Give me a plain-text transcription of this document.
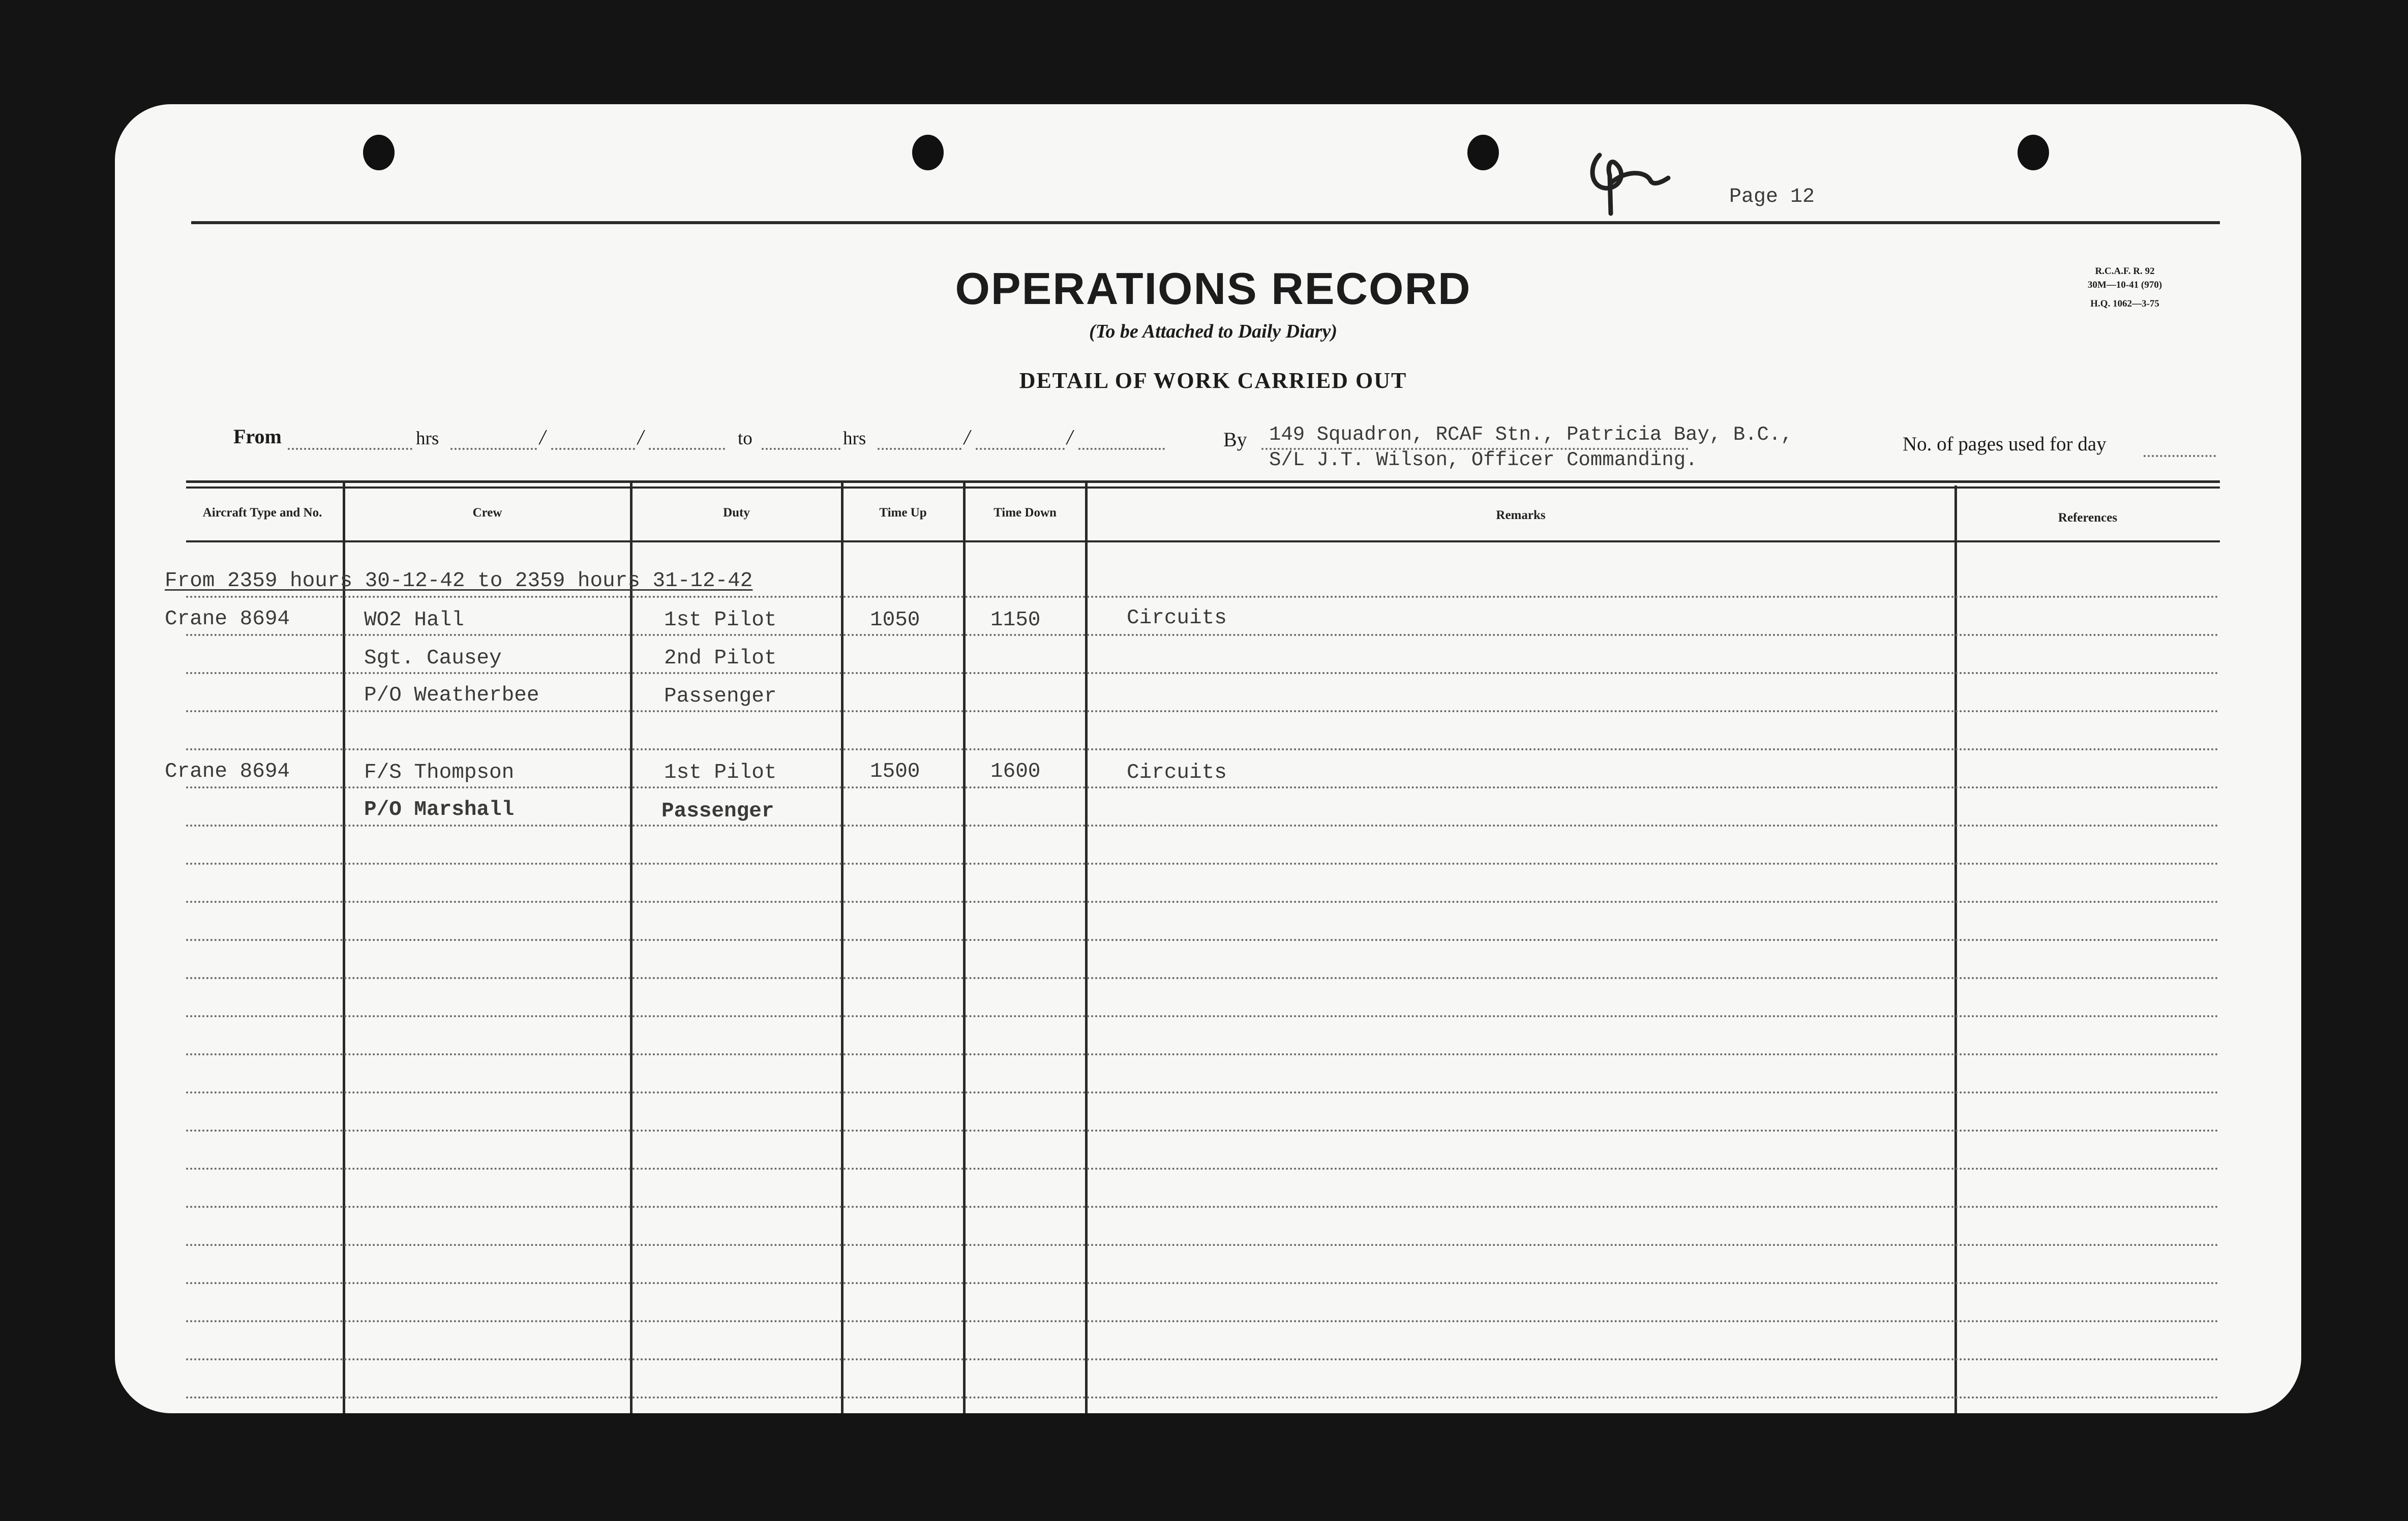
Page 12
R.C.A.F. R. 92
30M—10-41 (970)
H.Q. 1062—3-75
OPERATIONS RECORD
(To be Attached to Daily Diary)
DETAIL OF WORK CARRIED OUT
From	hrs	/	/	to	hrs	/	/	By 149 Squadron, RCAF Stn., Patricia Bay, B.C.,
S/L J.T. Wilson, Officer Commanding.
No. of pages used for day
Aircraft Type and No.	Crew	Duty	Time Up	Time Down	Remarks	References
From 2359 hours 30-12-42 to 2359 hours 31-12-42
Crane 8694	WO2 Hall	1st Pilot	1050	1150	Circuits
Sgt. Causey	2nd Pilot
P/O Weatherbee	Passenger
Crane 8694	F/S Thompson	1st Pilot	1500	1600	Circuits
P/O Marshall	Passenger
